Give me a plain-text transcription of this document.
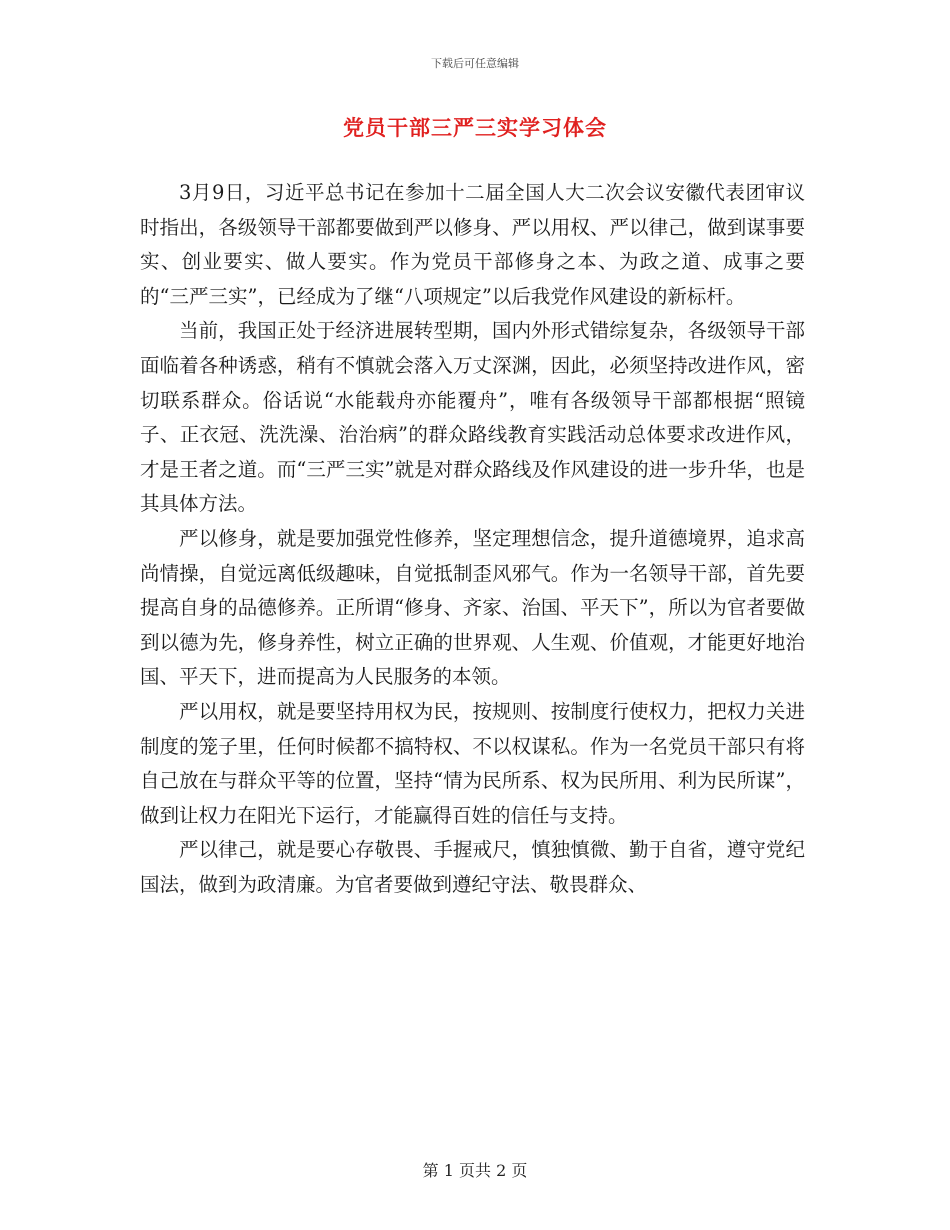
下载后可任意编辑
党员干部三严三实学习体会

3月9日，习近平总书记在参加十二届全国人大二次会议安徽代表团审议时指出，各级领导干部都要做到严以修身、严以用权、严以律己，做到谋事要实、创业要实、做人要实。作为党员干部修身之本、为政之道、成事之要的“三严三实”，已经成为了继“八项规定”以后我党作风建设的新标杆。

当前，我国正处于经济进展转型期，国内外形式错综复杂，各级领导干部面临着各种诱惑，稍有不慎就会落入万丈深渊，因此，必须坚持改进作风，密切联系群众。俗话说“水能载舟亦能覆舟”，唯有各级领导干部都根据“照镜子、正衣冠、洗洗澡、治治病”的群众路线教育实践活动总体要求改进作风，才是王者之道。而“三严三实”就是对群众路线及作风建设的进一步升华，也是其具体方法。

严以修身，就是要加强党性修养，坚定理想信念，提升道德境界，追求高尚情操，自觉远离低级趣味，自觉抵制歪风邪气。作为一名领导干部，首先要提高自身的品德修养。正所谓“修身、齐家、治国、平天下”，所以为官者要做到以德为先，修身养性，树立正确的世界观、人生观、价值观，才能更好地治国、平天下，进而提高为人民服务的本领。

严以用权，就是要坚持用权为民，按规则、按制度行使权力，把权力关进制度的笼子里，任何时候都不搞特权、不以权谋私。作为一名党员干部只有将自己放在与群众平等的位置，坚持“情为民所系、权为民所用、利为民所谋”，做到让权力在阳光下运行，才能赢得百姓的信任与支持。

严以律己，就是要心存敬畏、手握戒尺，慎独慎微、勤于自省，遵守党纪国法，做到为政清廉。为官者要做到遵纪守法、敬畏群众、

第 1 页共 2 页
